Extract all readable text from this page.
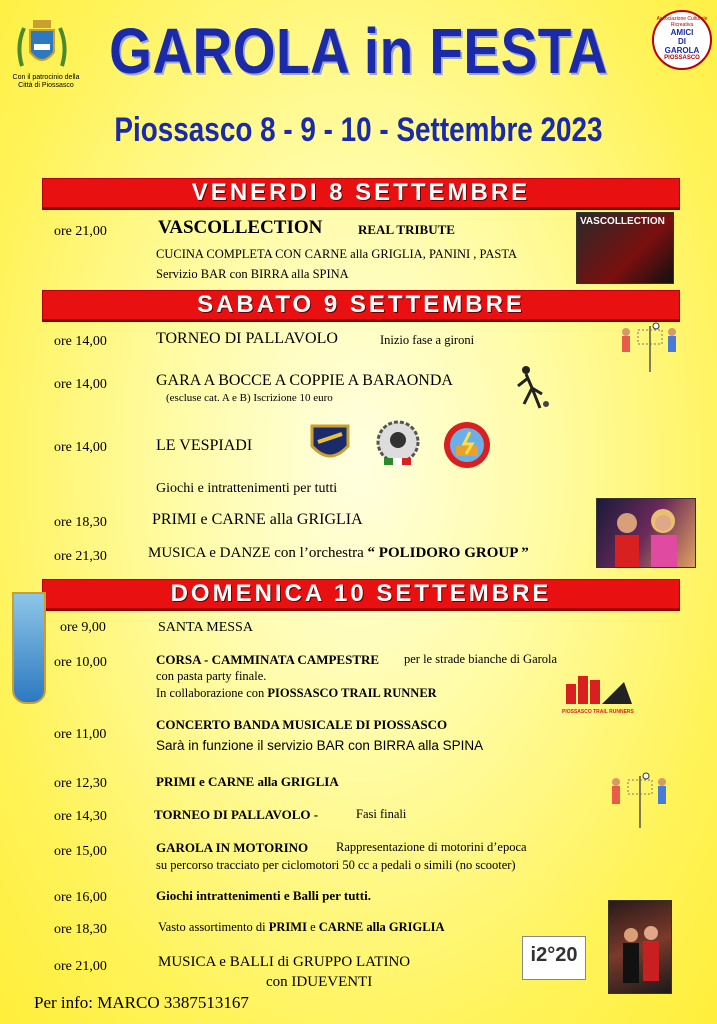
Con il patrocinio della Città di Piossasco GAROLA in FESTA
Piossasco 8 - 9 - 10 - Settembre 2023
Associazione Culturale Ricreativa
AMICI
DI
GAROLA
PIOSSASCO
VENERDI 8 SETTEMBRE
ore 21,00	VASCOLLECTION	REAL TRIBUTE
CUCINA COMPLETA CON CARNE alla GRIGLIA, PANINI , PASTA
Servizio BAR con BIRRA alla SPINA
VASCOLLECTION
SABATO 9 SETTEMBRE
ore 14,00	TORNEO DI PALLAVOLO	Inizio fase a gironi
ore 14,00	GARA A BOCCE A COPPIE A BARAONDA
(escluse cat. A e B) Iscrizione 10 euro
ore 14,00	LE VESPIADI
Giochi e intrattenimenti per tutti
ore 18,30	PRIMI e CARNE alla GRIGLIA
ore 21,30	MUSICA e DANZE con l’orchestra “ POLIDORO GROUP ”
DOMENICA 10 SETTEMBRE
ore 9,00	SANTA MESSA
ore 10,00	CORSA - CAMMINATA CAMPESTRE per le strade bianche di Garola
con pasta party finale.
In collaborazione con PIOSSASCO TRAIL RUNNER
PIOSSASCO TRAIL RUNNERS
ore 11,00
CONCERTO BANDA MUSICALE DI PIOSSASCO
Sarà in funzione il servizio BAR con BIRRA alla SPINA
ore 12,30	PRIMI e CARNE alla GRIGLIA
ore 14,30	TORNEO DI PALLAVOLO -	Fasi finali
ore 15,00	GAROLA IN MOTORINO Rappresentazione di motorini d’epoca
su percorso tracciato per ciclomotori 50 cc a pedali o simili (no scooter)
ore 16,00	Giochi intrattenimenti e Balli per tutti.
ore 18,30	Vasto assortimento di PRIMI e CARNE alla GRIGLIA
ore 21,00	MUSICA e BALLI di GRUPPO LATINO
con IDUEVENTI
i2°20
Per info: MARCO 3387513167
